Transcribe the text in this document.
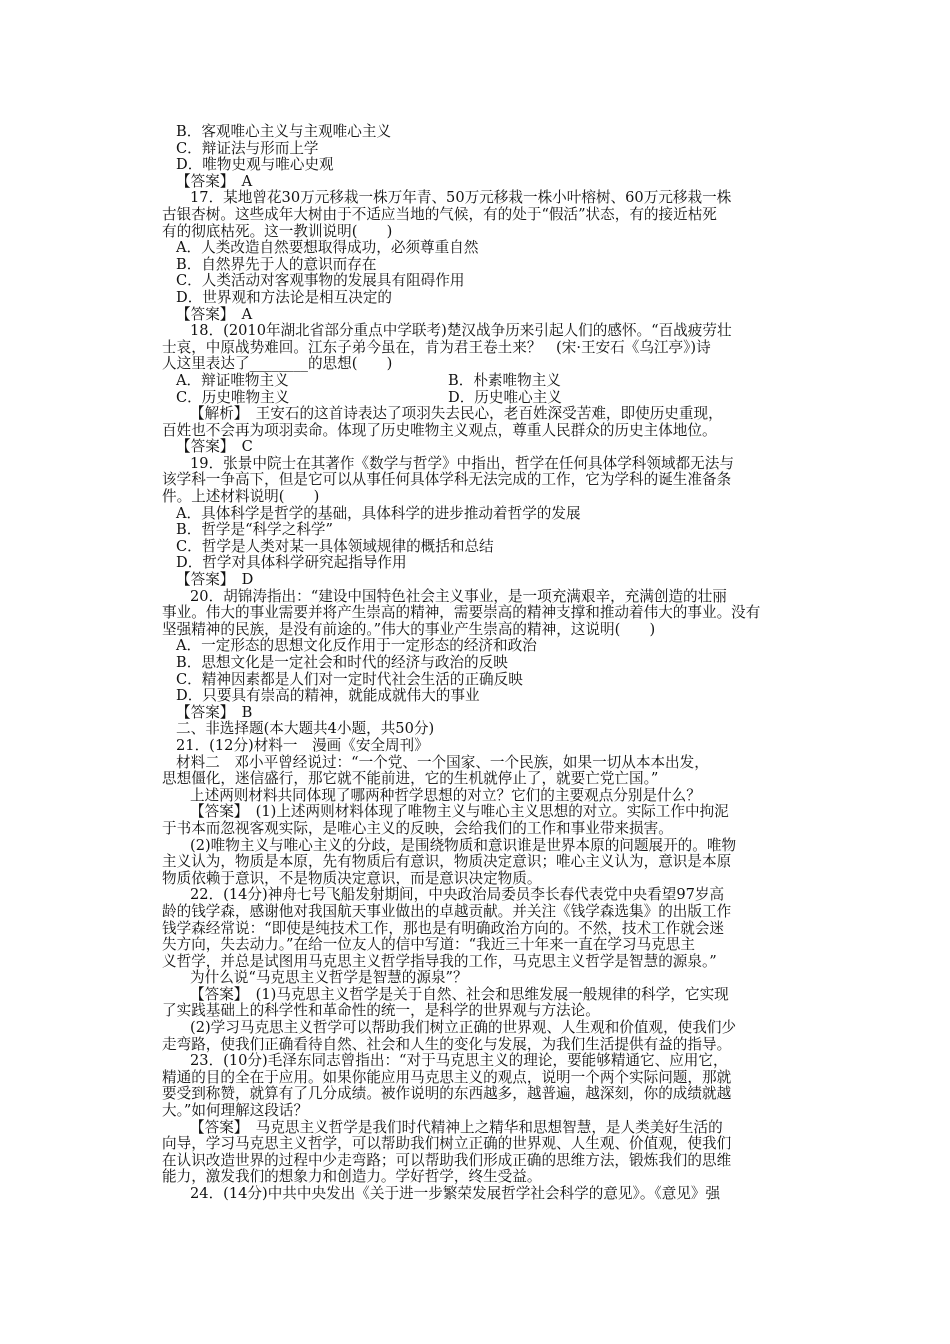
B．客观唯心主义与主观唯心主义
C．辩证法与形而上学
D．唯物史观与唯心史观
【答案】　A
17．某地曾花30万元移栽一株万年青、50万元移栽一株小叶榕树、60万元移栽一株
古银杏树。这些成年大树由于不适应当地的气候，有的处于“假活”状态，有的接近枯死
有的彻底枯死。这一教训说明(　　)
A．人类改造自然要想取得成功，必须尊重自然
B．自然界先于人的意识而存在
C．人类活动对客观事物的发展具有阻碍作用
D．世界观和方法论是相互决定的
【答案】　A
18．(2010年湖北省部分重点中学联考)楚汉战争历来引起人们的感怀。“百战疲劳壮
士哀，中原战势难回。江东子弟今虽在，肯为君王卷土来？　(宋·王安石《乌江亭》)诗
人这里表达了________的思想(　　)
A．辩证唯物主义	B．朴素唯物主义
C．历史唯物主义	D．历史唯心主义
【解析】　王安石的这首诗表达了项羽失去民心，老百姓深受苦难，即使历史重现，
百姓也不会再为项羽卖命。体现了历史唯物主义观点，尊重人民群众的历史主体地位。
【答案】　C
19．张景中院士在其著作《数学与哲学》中指出，哲学在任何具体学科领域都无法与
该学科一争高下，但是它可以从事任何具体学科无法完成的工作，它为学科的诞生准备条
件。上述材料说明(　　)
A．具体科学是哲学的基础，具体科学的进步推动着哲学的发展
B．哲学是“科学之科学”
C．哲学是人类对某一具体领域规律的概括和总结
D．哲学对具体科学研究起指导作用
【答案】　D
20．胡锦涛指出：“建设中国特色社会主义事业，是一项充满艰辛，充满创造的壮丽
事业。伟大的事业需要并将产生崇高的精神，需要崇高的精神支撑和推动着伟大的事业。没有
坚强精神的民族，是没有前途的。”伟大的事业产生崇高的精神，这说明(　　)
A．一定形态的思想文化反作用于一定形态的经济和政治
B．思想文化是一定社会和时代的经济与政治的反映
C．精神因素都是人们对一定时代社会生活的正确反映
D．只要具有崇高的精神，就能成就伟大的事业
【答案】　B
二、非选择题(本大题共4小题，共50分)
21．(12分)材料一　漫画《安全周刊》
材料二　邓小平曾经说过：“一个党、一个国家、一个民族，如果一切从本本出发，
思想僵化，迷信盛行，那它就不能前进，它的生机就停止了，就要亡党亡国。”
上述两则材料共同体现了哪两种哲学思想的对立？它们的主要观点分别是什么？
【答案】　(1)上述两则材料体现了唯物主义与唯心主义思想的对立。实际工作中拘泥
于书本而忽视客观实际，是唯心主义的反映，会给我们的工作和事业带来损害。
(2)唯物主义与唯心主义的分歧，是围绕物质和意识谁是世界本原的问题展开的。唯物
主义认为，物质是本原，先有物质后有意识，物质决定意识；唯心主义认为，意识是本原
物质依赖于意识，不是物质决定意识，而是意识决定物质。
22．(14分)神舟七号飞船发射期间，中央政治局委员李长春代表党中央看望97岁高
龄的钱学森，感谢他对我国航天事业做出的卓越贡献。并关注《钱学森选集》的出版工作
钱学森经常说：“即使是纯技术工作，那也是有明确政治方向的。不然，技术工作就会迷
失方向，失去动力。”在给一位友人的信中写道：“我近三十年来一直在学习马克思主
义哲学，并总是试图用马克思主义哲学指导我的工作，马克思主义哲学是智慧的源泉。”
为什么说“马克思主义哲学是智慧的源泉”？
【答案】　(1)马克思主义哲学是关于自然、社会和思维发展一般规律的科学，它实现
了实践基础上的科学性和革命性的统一，是科学的世界观与方法论。
(2)学习马克思主义哲学可以帮助我们树立正确的世界观、人生观和价值观，使我们少
走弯路，使我们正确看待自然、社会和人生的变化与发展，为我们生活提供有益的指导。
23．(10分)毛泽东同志曾指出：“对于马克思主义的理论，要能够精通它、应用它，
精通的目的全在于应用。如果你能应用马克思主义的观点，说明一个两个实际问题，那就
要受到称赞，就算有了几分成绩。被作说明的东西越多，越普遍，越深刻，你的成绩就越
大。”如何理解这段话？
【答案】　马克思主义哲学是我们时代精神上之精华和思想智慧，是人类美好生活的
向导，学习马克思主义哲学，可以帮助我们树立正确的世界观、人生观、价值观，使我们
在认识改造世界的过程中少走弯路；可以帮助我们形成正确的思维方法，锻炼我们的思维
能力，激发我们的想象力和创造力。学好哲学，终生受益。
24．(14分)中共中央发出《关于进一步繁荣发展哲学社会科学的意见》。《意见》强
